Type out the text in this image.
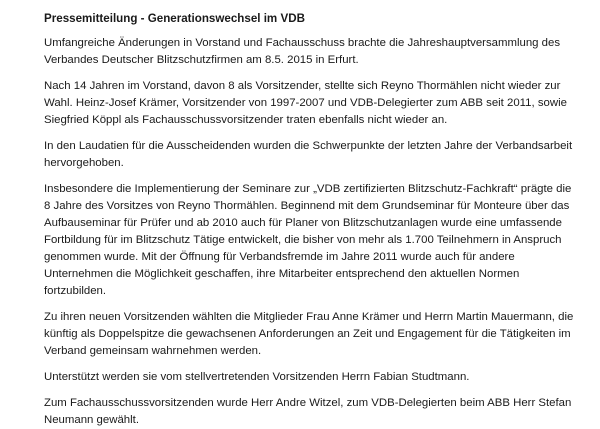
Pressemitteilung - Generationswechsel im VDB

Umfangreiche Änderungen in Vorstand und Fachausschuss brachte die Jahreshauptversammlung des Verbandes Deutscher Blitzschutzfirmen am 8.5. 2015 in Erfurt.

Nach 14 Jahren im Vorstand, davon 8 als Vorsitzender, stellte sich Reyno Thormählen nicht wieder zur Wahl. Heinz-Josef Krämer, Vorsitzender von 1997-2007 und VDB-Delegierter zum ABB seit 2011, sowie Siegfried Köppl als Fachausschussvorsitzender traten ebenfalls nicht wieder an.

In den Laudatien für die Ausscheidenden wurden die Schwerpunkte der letzten Jahre der Verbandsarbeit hervorgehoben.

Insbesondere die Implementierung der Seminare zur „VDB zertifizierten Blitzschutz-Fachkraft“ prägte die 8 Jahre des Vorsitzes von Reyno Thormählen. Beginnend mit dem Grundseminar für Monteure über das Aufbauseminar für Prüfer und ab 2010 auch für Planer von Blitzschutzanlagen wurde eine umfassende Fortbildung für im Blitzschutz Tätige entwickelt, die bisher von mehr als 1.700 Teilnehmern in Anspruch genommen wurde. Mit der Öffnung für Verbandsfremde im Jahre 2011 wurde auch für andere Unternehmen die Möglichkeit geschaffen, ihre Mitarbeiter entsprechend den aktuellen Normen fortzubilden.

Zu ihren neuen Vorsitzenden wählten die Mitglieder Frau Anne Krämer und Herrn Martin Mauermann, die künftig als Doppelspitze die gewachsenen Anforderungen an Zeit und Engagement für die Tätigkeiten im Verband gemeinsam wahrnehmen werden.

Unterstützt werden sie vom stellvertretenden Vorsitzenden Herrn Fabian Studtmann.

Zum Fachausschussvorsitzenden wurde Herr Andre Witzel, zum VDB-Delegierten beim ABB Herr Stefan Neumann gewählt.
